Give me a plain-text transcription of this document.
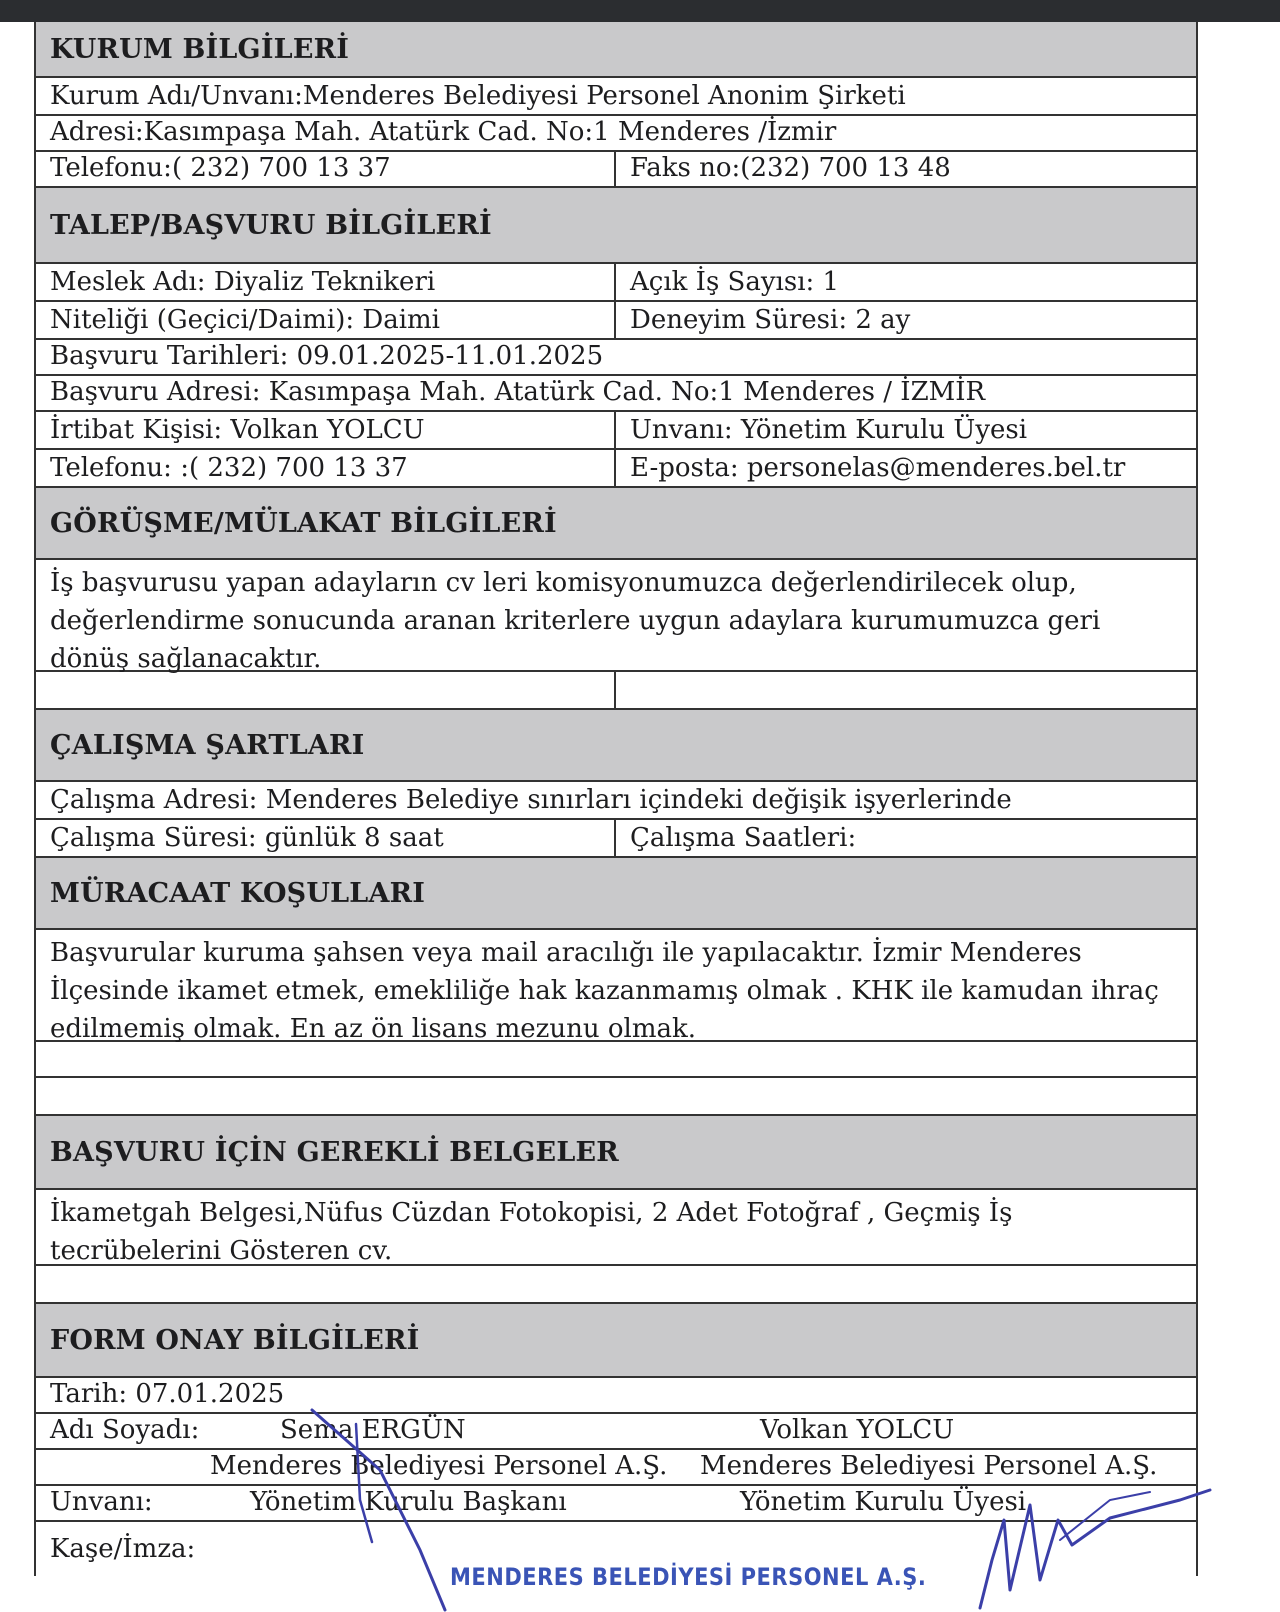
KURUM BİLGİLERİ
Kurum Adı/Unvanı:Menderes Belediyesi Personel Anonim Şirketi
Adresi:Kasımpaşa Mah. Atatürk Cad. No:1 Menderes /İzmir
Telefonu:( 232) 700 13 37	Faks no:(232) 700 13 48
TALEP/BAŞVURU BİLGİLERİ
Meslek Adı: Diyaliz Teknikeri	Açık İş Sayısı: 1
Niteliği (Geçici/Daimi): Daimi	Deneyim Süresi: 2 ay
Başvuru Tarihleri: 09.01.2025-11.01.2025
Başvuru Adresi: Kasımpaşa Mah. Atatürk Cad. No:1 Menderes / İZMİR
İrtibat Kişisi: Volkan YOLCU	Unvanı: Yönetim Kurulu Üyesi
Telefonu: :( 232) 700 13 37	E-posta: personelas@menderes.bel.tr
GÖRÜŞME/MÜLAKAT BİLGİLERİ
İş başvurusu yapan adayların cv leri komisyonumuzca değerlendirilecek olup, değerlendirme sonucunda aranan kriterlere uygun adaylara kurumumuzca geri dönüş sağlanacaktır.
ÇALIŞMA ŞARTLARI
Çalışma Adresi: Menderes Belediye sınırları içindeki değişik işyerlerinde
Çalışma Süresi: günlük 8 saat	Çalışma Saatleri:
MÜRACAAT KOŞULLARI
Başvurular kuruma şahsen veya mail aracılığı ile yapılacaktır. İzmir Menderes İlçesinde ikamet etmek, emekliliğe hak kazanmamış olmak . KHK ile kamudan ihraç edilmemiş olmak. En az ön lisans mezunu olmak.
BAŞVURU İÇİN GEREKLİ BELGELER
İkametgah Belgesi,Nüfus Cüzdan Fotokopisi, 2 Adet Fotoğraf , Geçmiş İş tecrübelerini Gösteren cv.
FORM ONAY BİLGİLERİ
Tarih: 07.01.2025
Adı Soyadı:	Sema ERGÜN	Volkan YOLCU
Menderes Belediyesi Personel A.Ş.	Menderes Belediyesi Personel A.Ş.
Unvanı:	Yönetim Kurulu Başkanı	Yönetim Kurulu Üyesi
Kaşe/İmza:
MENDERES BELEDİYESİ PERSONEL A.Ş.
